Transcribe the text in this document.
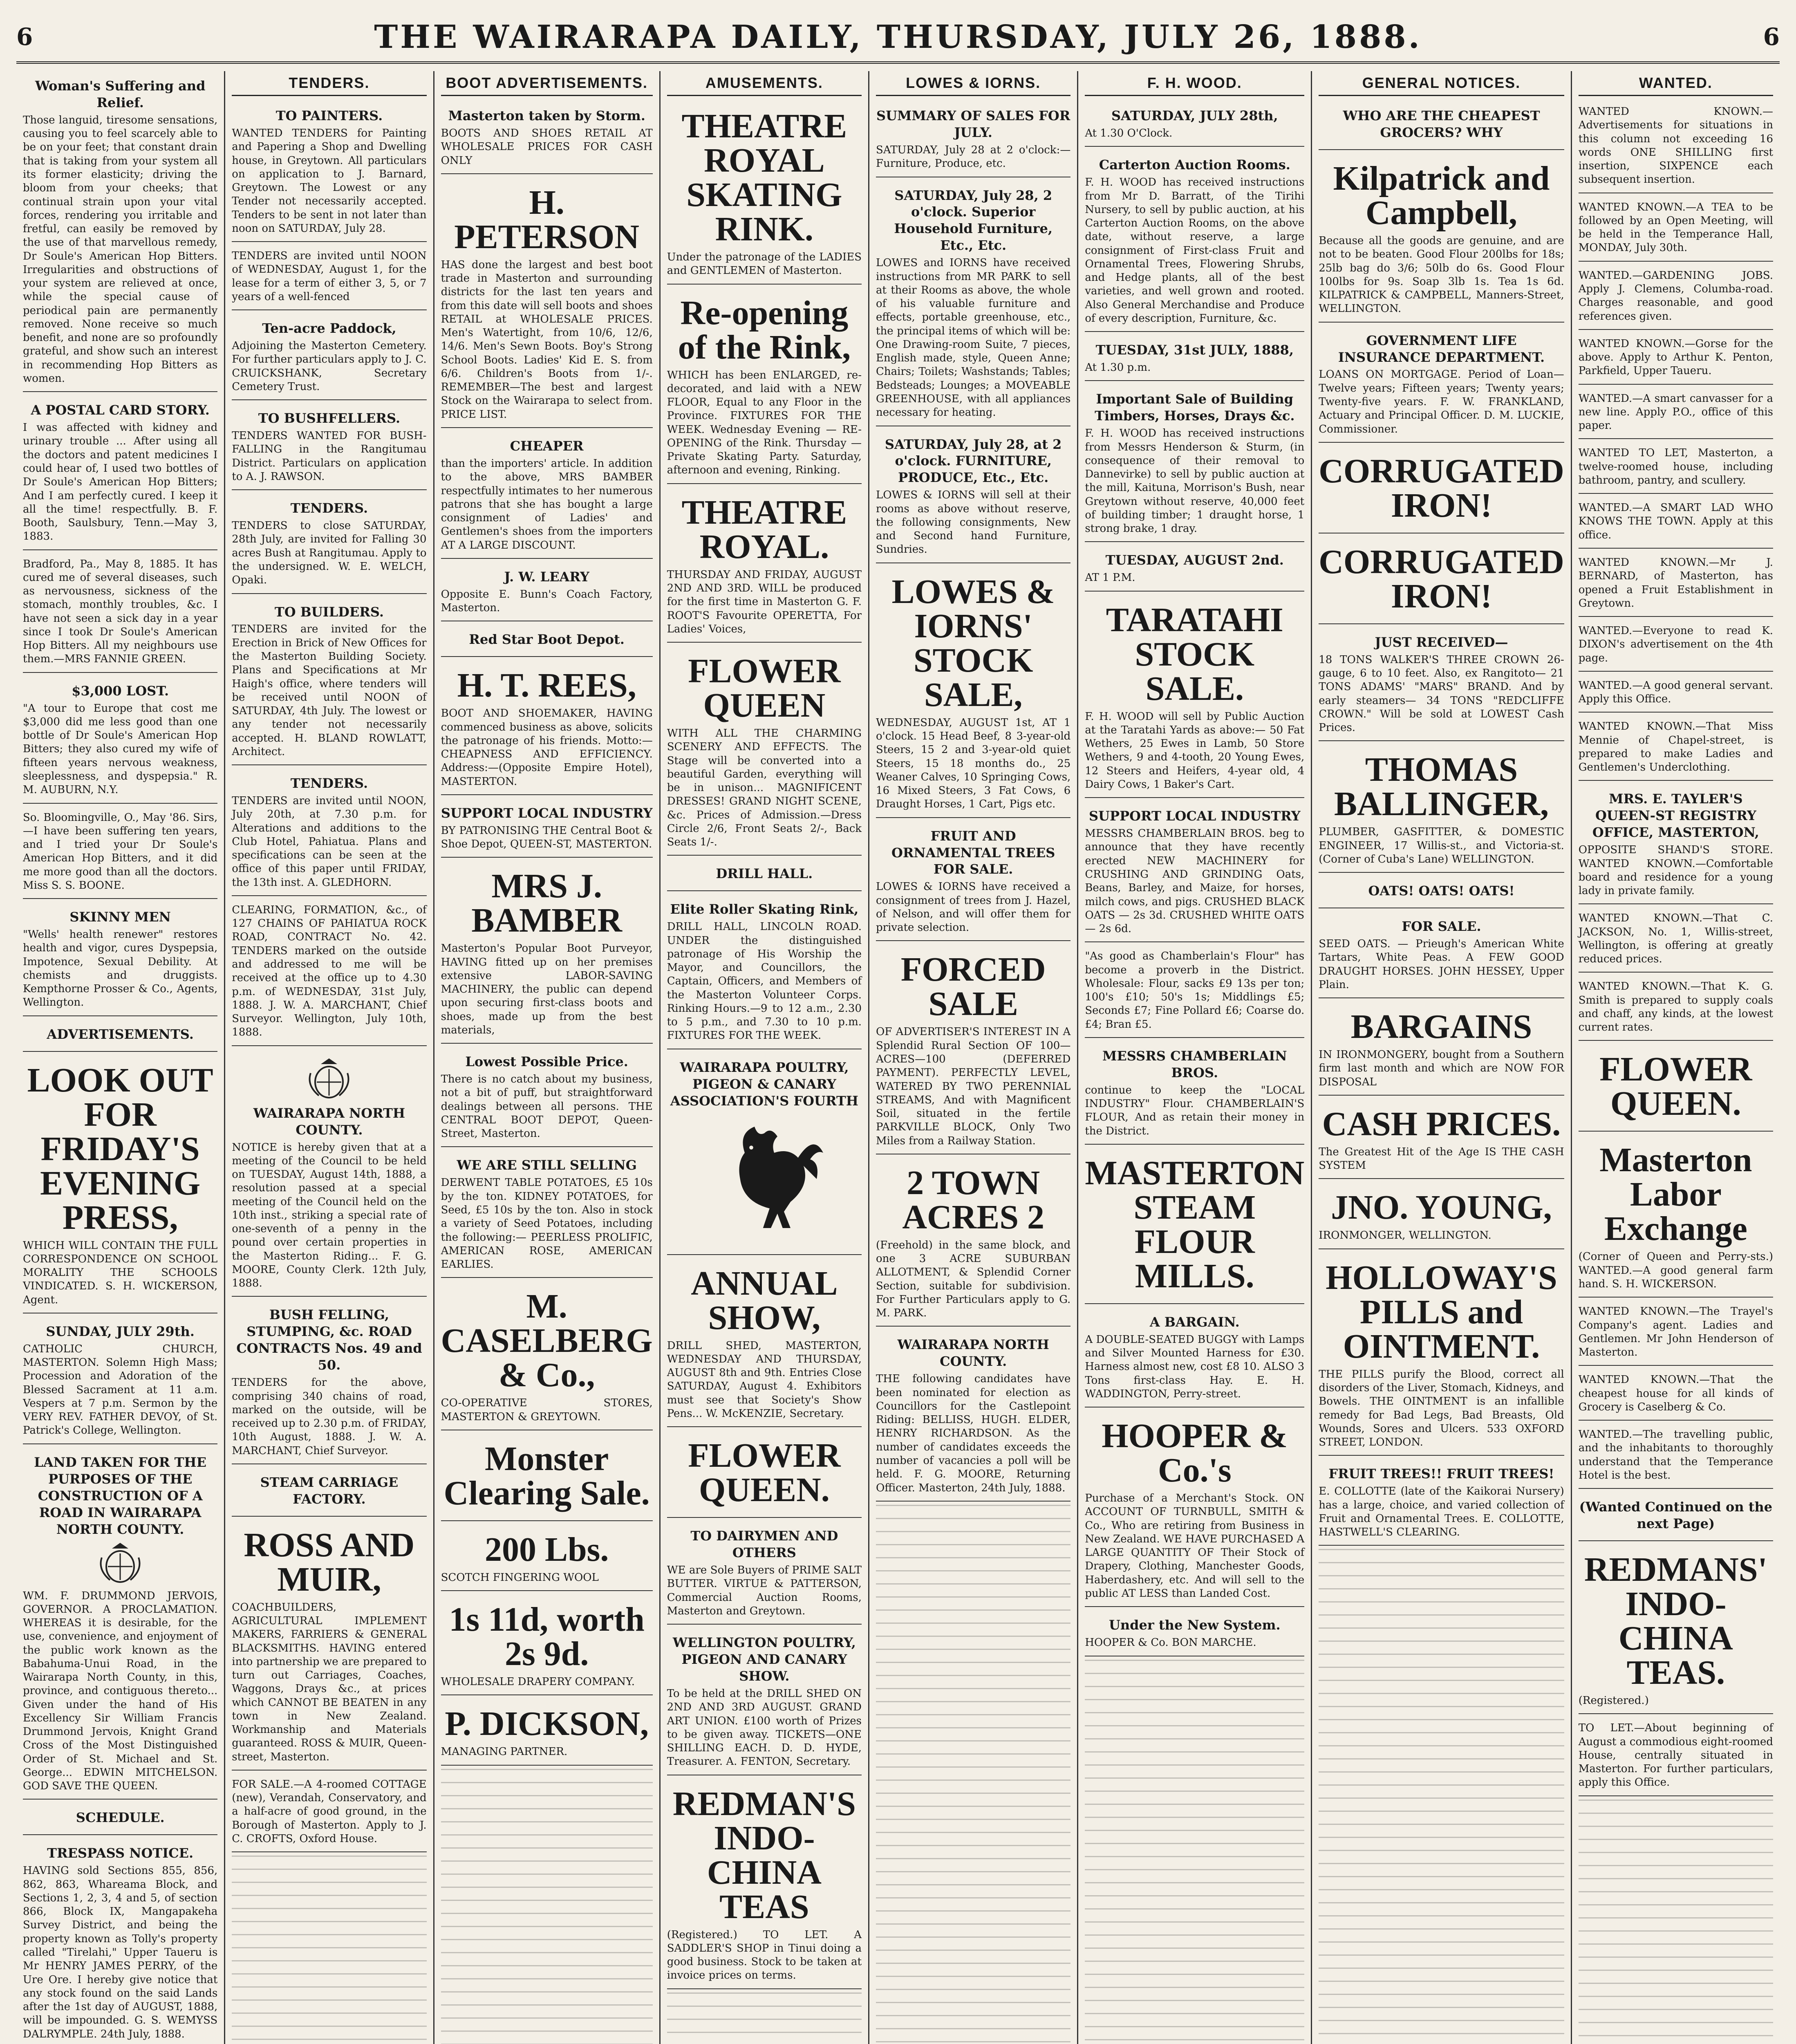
6	THE WAIRARAPA DAILY, THURSDAY, JULY 26, 1888.	6
Woman's Suffering and Relief.
Those languid, tiresome sensations, causing you to feel scarcely able to be on your feet; that constant drain that is taking from your system all its former elasticity; driving the bloom from your cheeks; that continual strain upon your vital forces, rendering you irritable and fretful, can easily be removed by the use of that marvellous remedy, Dr Soule's American Hop Bitters. Irregularities and obstructions of your system are relieved at once, while the special cause of periodical pain are permanently removed. None receive so much benefit, and none are so profoundly grateful, and show such an interest in recommending Hop Bitters as women.
A POSTAL CARD STORY.
I was affected with kidney and urinary trouble ... After using all the doctors and patent medicines I could hear of, I used two bottles of Dr Soule's American Hop Bitters; And I am perfectly cured. I keep it all the time! respectfully. B. F. Booth, Saulsbury, Tenn.—May 3, 1883.
Bradford, Pa., May 8, 1885. It has cured me of several diseases, such as nervousness, sickness of the stomach, monthly troubles, &c. I have not seen a sick day in a year since I took Dr Soule's American Hop Bitters. All my neighbours use them.—MRS FANNIE GREEN.
$3,000 LOST.
"A tour to Europe that cost me $3,000 did me less good than one bottle of Dr Soule's American Hop Bitters; they also cured my wife of fifteen years nervous weakness, sleeplessness, and dyspepsia." R. M. AUBURN, N.Y.
So. Bloomingville, O., May '86. Sirs,—I have been suffering ten years, and I tried your Dr Soule's American Hop Bitters, and it did me more good than all the doctors. Miss S. S. BOONE.
SKINNY MEN
"Wells' health renewer" restores health and vigor, cures Dyspepsia, Impotence, Sexual Debility. At chemists and druggists. Kempthorne Prosser & Co., Agents, Wellington.
ADVERTISEMENTS.
LOOK OUT FOR FRIDAY'S EVENING PRESS,
WHICH WILL CONTAIN THE FULL CORRESPONDENCE ON SCHOOL MORALITY THE SCHOOLS VINDICATED. S. H. WICKERSON, Agent.
SUNDAY, JULY 29th.
CATHOLIC CHURCH, MASTERTON. Solemn High Mass; Procession and Adoration of the Blessed Sacrament at 11 a.m. Vespers at 7 p.m. Sermon by the VERY REV. FATHER DEVOY, of St. Patrick's College, Wellington.
LAND TAKEN FOR THE PURPOSES OF THE CONSTRUCTION OF A ROAD IN WAIRARAPA NORTH COUNTY.
WM. F. DRUMMOND JERVOIS, GOVERNOR. A PROCLAMATION. WHEREAS it is desirable, for the use, convenience, and enjoyment of the public work known as the Babahuma-Unui Road, in the Wairarapa North County, in this, province, and contiguous thereto... Given under the hand of His Excellency Sir William Francis Drummond Jervois, Knight Grand Cross of the Most Distinguished Order of St. Michael and St. George... EDWIN MITCHELSON. GOD SAVE THE QUEEN.
SCHEDULE.
TRESPASS NOTICE.
HAVING sold Sections 855, 856, 862, 863, Whareama Block, and Sections 1, 2, 3, 4 and 5, of section 866, Block IX, Mangapakeha Survey District, and being the property known as Tolly's property called "Tirelahi," Upper Taueru is Mr HENRY JAMES PERRY, of the Ure Ore. I hereby give notice that any stock found on the said Lands after the 1st day of AUGUST, 1888, will be impounded. G. S. WEMYSS DALRYMPLE. 24th July, 1888.
TENDERS.
TO PAINTERS.
WANTED TENDERS for Painting and Papering a Shop and Dwelling house, in Greytown. All particulars on application to J. Barnard, Greytown. The Lowest or any Tender not necessarily accepted. Tenders to be sent in not later than noon on SATURDAY, July 28.
TENDERS are invited until NOON of WEDNESDAY, August 1, for the lease for a term of either 3, 5, or 7 years of a well-fenced
Ten-acre Paddock,
Adjoining the Masterton Cemetery. For further particulars apply to J. C. CRUICKSHANK, Secretary Cemetery Trust.
TO BUSHFELLERS.
TENDERS WANTED FOR BUSH-FALLING in the Rangitumau District. Particulars on application to A. J. RAWSON.
TENDERS.
TENDERS to close SATURDAY, 28th July, are invited for Falling 30 acres Bush at Rangitumau. Apply to the undersigned. W. E. WELCH, Opaki.
TO BUILDERS.
TENDERS are invited for the Erection in Brick of New Offices for the Masterton Building Society. Plans and Specifications at Mr Haigh's office, where tenders will be received until NOON of SATURDAY, 4th July. The lowest or any tender not necessarily accepted. H. BLAND ROWLATT, Architect.
TENDERS.
TENDERS are invited until NOON, July 20th, at 7.30 p.m. for Alterations and additions to the Club Hotel, Pahiatua. Plans and specifications can be seen at the office of this paper until FRIDAY, the 13th inst. A. GLEDHORN.
CLEARING, FORMATION, &c., of 127 CHAINS OF PAHIATUA ROCK ROAD, CONTRACT No. 42. TENDERS marked on the outside and addressed to me will be received at the office up to 4.30 p.m. of WEDNESDAY, 31st July, 1888. J. W. A. MARCHANT, Chief Surveyor. Wellington, July 10th, 1888.
WAIRARAPA NORTH COUNTY.
NOTICE is hereby given that at a meeting of the Council to be held on TUESDAY, August 14th, 1888, a resolution passed at a special meeting of the Council held on the 10th inst., striking a special rate of one-seventh of a penny in the pound over certain properties in the Masterton Riding... F. G. MOORE, County Clerk. 12th July, 1888.
BUSH FELLING, STUMPING, &c. ROAD CONTRACTS Nos. 49 and 50.
TENDERS for the above, comprising 340 chains of road, marked on the outside, will be received up to 2.30 p.m. of FRIDAY, 10th August, 1888. J. W. A. MARCHANT, Chief Surveyor.
STEAM CARRIAGE FACTORY.
ROSS AND MUIR,
COACHBUILDERS, AGRICULTURAL IMPLEMENT MAKERS, FARRIERS & GENERAL BLACKSMITHS. HAVING entered into partnership we are prepared to turn out Carriages, Coaches, Waggons, Drays &c., at prices which CANNOT BE BEATEN in any town in New Zealand. Workmanship and Materials guaranteed. ROSS & MUIR, Queen-street, Masterton.
FOR SALE.—A 4-roomed COTTAGE (new), Verandah, Conservatory, and a half-acre of good ground, in the Borough of Masterton. Apply to J. C. CROFTS, Oxford House.
BOOT ADVERTISEMENTS.
Masterton taken by Storm.
BOOTS AND SHOES RETAIL AT WHOLESALE PRICES FOR CASH ONLY
H. PETERSON
HAS done the largest and best boot trade in Masterton and surrounding districts for the last ten years and from this date will sell boots and shoes RETAIL at WHOLESALE PRICES. Men's Watertight, from 10/6, 12/6, 14/6. Men's Sewn Boots. Boy's Strong School Boots. Ladies' Kid E. S. from 6/6. Children's Boots from 1/-. REMEMBER—The best and largest Stock on the Wairarapa to select from. PRICE LIST.
CHEAPER
than the importers' article. In addition to the above, MRS BAMBER respectfully intimates to her numerous patrons that she has bought a large consignment of Ladies' and Gentlemen's shoes from the importers AT A LARGE DISCOUNT.
J. W. LEARY
Opposite E. Bunn's Coach Factory, Masterton.
Red Star Boot Depot.
H. T. REES,
BOOT AND SHOEMAKER, HAVING commenced business as above, solicits the patronage of his friends. Motto:—CHEAPNESS AND EFFICIENCY. Address:—(Opposite Empire Hotel), MASTERTON.
SUPPORT LOCAL INDUSTRY
BY PATRONISING THE Central Boot & Shoe Depot, QUEEN-ST, MASTERTON.
MRS J. BAMBER
Masterton's Popular Boot Purveyor, HAVING fitted up on her premises extensive LABOR-SAVING MACHINERY, the public can depend upon securing first-class boots and shoes, made up from the best materials,
Lowest Possible Price.
There is no catch about my business, not a bit of puff, but straightforward dealings between all persons. THE CENTRAL BOOT DEPOT, Queen-Street, Masterton.
WE ARE STILL SELLING
DERWENT TABLE POTATOES, £5 10s by the ton. KIDNEY POTATOES, for Seed, £5 10s by the ton. Also in stock a variety of Seed Potatoes, including the following:— PEERLESS PROLIFIC, AMERICAN ROSE, AMERICAN EARLIES.
M. CASELBERG & Co.,
CO-OPERATIVE STORES, MASTERTON & GREYTOWN.
Monster Clearing Sale.
200 Lbs.
SCOTCH FINGERING WOOL
1s 11d, worth 2s 9d.
WHOLESALE DRAPERY COMPANY.
P. DICKSON,
MANAGING PARTNER.
AMUSEMENTS.
THEATRE ROYAL SKATING RINK.
Under the patronage of the LADIES and GENTLEMEN of Masterton.
Re-opening of the Rink,
WHICH has been ENLARGED, re-decorated, and laid with a NEW FLOOR, Equal to any Floor in the Province. FIXTURES FOR THE WEEK. Wednesday Evening — RE-OPENING of the Rink. Thursday — Private Skating Party. Saturday, afternoon and evening, Rinking.
THEATRE ROYAL.
THURSDAY AND FRIDAY, AUGUST 2ND AND 3RD. WILL be produced for the first time in Masterton G. F. ROOT'S Favourite OPERETTA, For Ladies' Voices,
FLOWER QUEEN
WITH ALL THE CHARMING SCENERY AND EFFECTS. The Stage will be converted into a beautiful Garden, everything will be in unison... MAGNIFICENT DRESSES! GRAND NIGHT SCENE, &c. Prices of Admission.—Dress Circle 2/6, Front Seats 2/-, Back Seats 1/-.
DRILL HALL.
Elite Roller Skating Rink,
DRILL HALL, LINCOLN ROAD. UNDER the distinguished patronage of His Worship the Mayor, and Councillors, the Captain, Officers, and Members of the Masterton Volunteer Corps. Rinking Hours.—9 to 12 a.m., 2.30 to 5 p.m., and 7.30 to 10 p.m. FIXTURES FOR THE WEEK.
WAIRARAPA POULTRY, PIGEON & CANARY ASSOCIATION'S FOURTH
ANNUAL SHOW,
DRILL SHED, MASTERTON, WEDNESDAY AND THURSDAY, AUGUST 8th and 9th. Entries Close SATURDAY, August 4. Exhibitors must see that Society's Show Pens... W. McKENZIE, Secretary.
FLOWER QUEEN.
TO DAIRYMEN AND OTHERS
WE are Sole Buyers of PRIME SALT BUTTER. VIRTUE & PATTERSON, Commercial Auction Rooms, Masterton and Greytown.
WELLINGTON POULTRY, PIGEON AND CANARY SHOW.
To be held at the DRILL SHED ON 2ND AND 3RD AUGUST. GRAND ART UNION. £100 worth of Prizes to be given away. TICKETS—ONE SHILLING EACH. D. D. HYDE, Treasurer. A. FENTON, Secretary.
REDMAN'S INDO-CHINA TEAS
(Registered.) TO LET. A SADDLER'S SHOP in Tinui doing a good business. Stock to be taken at invoice prices on terms.
LOWES & IORNS.
SUMMARY OF SALES FOR JULY.
SATURDAY, July 28 at 2 o'clock:— Furniture, Produce, etc.
SATURDAY, July 28, 2 o'clock. Superior Household Furniture, Etc., Etc.
LOWES and IORNS have received instructions from MR PARK to sell at their Rooms as above, the whole of his valuable furniture and effects, portable greenhouse, etc., the principal items of which will be: One Drawing-room Suite, 7 pieces, English made, style, Queen Anne; Chairs; Toilets; Washstands; Tables; Bedsteads; Lounges; a MOVEABLE GREENHOUSE, with all appliances necessary for heating.
SATURDAY, July 28, at 2 o'clock. FURNITURE, PRODUCE, Etc., Etc.
LOWES & IORNS will sell at their rooms as above without reserve, the following consignments, New and Second hand Furniture, Sundries.
LOWES & IORNS' STOCK SALE,
WEDNESDAY, AUGUST 1st, AT 1 o'clock. 15 Head Beef, 8 3-year-old Steers, 15 2 and 3-year-old quiet Steers, 15 18 months do., 25 Weaner Calves, 10 Springing Cows, 16 Mixed Steers, 3 Fat Cows, 6 Draught Horses, 1 Cart, Pigs etc.
FRUIT AND ORNAMENTAL TREES FOR SALE.
LOWES & IORNS have received a consignment of trees from J. Hazel, of Nelson, and will offer them for private selection.
FORCED SALE
OF ADVERTISER'S INTEREST IN A Splendid Rural Section OF 100—ACRES—100 (DEFERRED PAYMENT). PERFECTLY LEVEL, WATERED BY TWO PERENNIAL STREAMS, And with Magnificent Soil, situated in the fertile PARKVILLE BLOCK, Only Two Miles from a Railway Station.
2 TOWN ACRES 2
(Freehold) in the same block, and one 3 ACRE SUBURBAN ALLOTMENT, & Splendid Corner Section, suitable for subdivision. For Further Particulars apply to G. M. PARK.
WAIRARAPA NORTH COUNTY.
THE following candidates have been nominated for election as Councillors for the Castlepoint Riding: BELLISS, HUGH. ELDER, HENRY RICHARDSON. As the number of candidates exceeds the number of vacancies a poll will be held. F. G. MOORE, Returning Officer. Masterton, 24th July, 1888.
F. H. WOOD.
SATURDAY, JULY 28th,
At 1.30 O'Clock.
Carterton Auction Rooms.
F. H. WOOD has received instructions from Mr D. Barratt, of the Tirihi Nursery, to sell by public auction, at his Carterton Auction Rooms, on the above date, without reserve, a large consignment of First-class Fruit and Ornamental Trees, Flowering Shrubs, and Hedge plants, all of the best varieties, and well grown and rooted. Also General Merchandise and Produce of every description, Furniture, &c.
TUESDAY, 31st JULY, 1888,
At 1.30 p.m.
Important Sale of Building Timbers, Horses, Drays &c.
F. H. WOOD has received instructions from Messrs Henderson & Sturm, (in consequence of their removal to Dannevirke) to sell by public auction at the mill, Kaituna, Morrison's Bush, near Greytown without reserve, 40,000 feet of building timber; 1 draught horse, 1 strong brake, 1 dray.
TUESDAY, AUGUST 2nd.
AT 1 P.M.
TARATAHI STOCK SALE.
F. H. WOOD will sell by Public Auction at the Taratahi Yards as above:— 50 Fat Wethers, 25 Ewes in Lamb, 50 Store Wethers, 9 and 4-tooth, 20 Young Ewes, 12 Steers and Heifers, 4-year old, 4 Dairy Cows, 1 Baker's Cart.
SUPPORT LOCAL INDUSTRY
MESSRS CHAMBERLAIN BROS. beg to announce that they have recently erected NEW MACHINERY for CRUSHING AND GRINDING Oats, Beans, Barley, and Maize, for horses, milch cows, and pigs. CRUSHED BLACK OATS — 2s 3d. CRUSHED WHITE OATS — 2s 6d.
"As good as Chamberlain's Flour" has become a proverb in the District. Wholesale: Flour, sacks £9 13s per ton; 100's £10; 50's 1s; Middlings £5; Seconds £7; Fine Pollard £6; Coarse do. £4; Bran £5.
MESSRS CHAMBERLAIN BROS.
continue to keep the "LOCAL INDUSTRY" Flour. CHAMBERLAIN'S FLOUR, And as retain their money in the District.
MASTERTON STEAM FLOUR MILLS.
A BARGAIN.
A DOUBLE-SEATED BUGGY with Lamps and Silver Mounted Harness for £30. Harness almost new, cost £8 10. ALSO 3 Tons first-class Hay. E. H. WADDINGTON, Perry-street.
HOOPER & Co.'s
Purchase of a Merchant's Stock. ON ACCOUNT OF TURNBULL, SMITH & Co., Who are retiring from Business in New Zealand. WE HAVE PURCHASED A LARGE QUANTITY OF Their Stock of Drapery, Clothing, Manchester Goods, Haberdashery, etc. And will sell to the public AT LESS than Landed Cost.
Under the New System.
HOOPER & Co. BON MARCHE.
GENERAL NOTICES.
WHO ARE THE CHEAPEST GROCERS? WHY
Kilpatrick and Campbell,
Because all the goods are genuine, and are not to be beaten. Good Flour 200lbs for 18s; 25lb bag do 3/6; 50lb do 6s. Good Flour 100lbs for 9s. Soap 3lb 1s. Tea 1s 6d. KILPATRICK & CAMPBELL, Manners-Street, WELLINGTON.
GOVERNMENT LIFE INSURANCE DEPARTMENT.
LOANS ON MORTGAGE. Period of Loan—Twelve years; Fifteen years; Twenty years; Twenty-five years. F. W. FRANKLAND, Actuary and Principal Officer. D. M. LUCKIE, Commissioner.
CORRUGATED IRON!
CORRUGATED IRON!
JUST RECEIVED—
18 TONS WALKER'S THREE CROWN 26-gauge, 6 to 10 feet. Also, ex Rangitoto— 21 TONS ADAMS' "MARS" BRAND. And by early steamers— 34 TONS "REDCLIFFE CROWN." Will be sold at LOWEST Cash Prices.
THOMAS BALLINGER,
PLUMBER, GASFITTER, & DOMESTIC ENGINEER, 17 Willis-st., and Victoria-st. (Corner of Cuba's Lane) WELLINGTON.
OATS! OATS! OATS!
FOR SALE.
SEED OATS. — Prieugh's American White Tartars, White Peas. A FEW GOOD DRAUGHT HORSES. JOHN HESSEY, Upper Plain.
BARGAINS
IN IRONMONGERY, bought from a Southern firm last month and which are NOW FOR DISPOSAL
CASH PRICES.
The Greatest Hit of the Age IS THE CASH SYSTEM
JNO. YOUNG,
IRONMONGER, WELLINGTON.
HOLLOWAY'S PILLS and OINTMENT.
THE PILLS purify the Blood, correct all disorders of the Liver, Stomach, Kidneys, and Bowels. THE OINTMENT is an infallible remedy for Bad Legs, Bad Breasts, Old Wounds, Sores and Ulcers. 533 OXFORD STREET, LONDON.
FRUIT TREES!! FRUIT TREES!
E. COLLOTTE (late of the Kaikorai Nursery) has a large, choice, and varied collection of Fruit and Ornamental Trees. E. COLLOTTE, HASTWELL'S CLEARING.
WANTED.
WANTED KNOWN.—Advertisements for situations in this column not exceeding 16 words ONE SHILLING first insertion, SIXPENCE each subsequent insertion.
WANTED KNOWN.—A TEA to be followed by an Open Meeting, will be held in the Temperance Hall, MONDAY, July 30th.
WANTED.—GARDENING JOBS. Apply J. Clemens, Columba-road. Charges reasonable, and good references given.
WANTED KNOWN.—Gorse for the above. Apply to Arthur K. Penton, Parkfield, Upper Taueru.
WANTED.—A smart canvasser for a new line. Apply P.O., office of this paper.
WANTED TO LET, Masterton, a twelve-roomed house, including bathroom, pantry, and scullery.
WANTED.—A SMART LAD WHO KNOWS THE TOWN. Apply at this office.
WANTED KNOWN.—Mr J. BERNARD, of Masterton, has opened a Fruit Establishment in Greytown.
WANTED.—Everyone to read K. DIXON's advertisement on the 4th page.
WANTED.—A good general servant. Apply this Office.
WANTED KNOWN.—That Miss Mennie of Chapel-street, is prepared to make Ladies and Gentlemen's Underclothing.
MRS. E. TAYLER'S QUEEN-ST REGISTRY OFFICE, MASTERTON,
OPPOSITE SHAND'S STORE. WANTED KNOWN.—Comfortable board and residence for a young lady in private family.
WANTED KNOWN.—That C. JACKSON, No. 1, Willis-street, Wellington, is offering at greatly reduced prices.
WANTED KNOWN.—That K. G. Smith is prepared to supply coals and chaff, any kinds, at the lowest current rates.
FLOWER QUEEN.
Masterton Labor Exchange
(Corner of Queen and Perry-sts.) WANTED.—A good general farm hand. S. H. WICKERSON.
WANTED KNOWN.—The Trayel's Company's agent. Ladies and Gentlemen. Mr John Henderson of Masterton.
WANTED KNOWN.—That the cheapest house for all kinds of Grocery is Caselberg & Co.
WANTED.—The travelling public, and the inhabitants to thoroughly understand that the Temperance Hotel is the best.
(Wanted Continued on the next Page)
REDMANS' INDO-CHINA TEAS.
(Registered.)
TO LET.—About beginning of August a commodious eight-roomed House, centrally situated in Masterton. For further particulars, apply this Office.
